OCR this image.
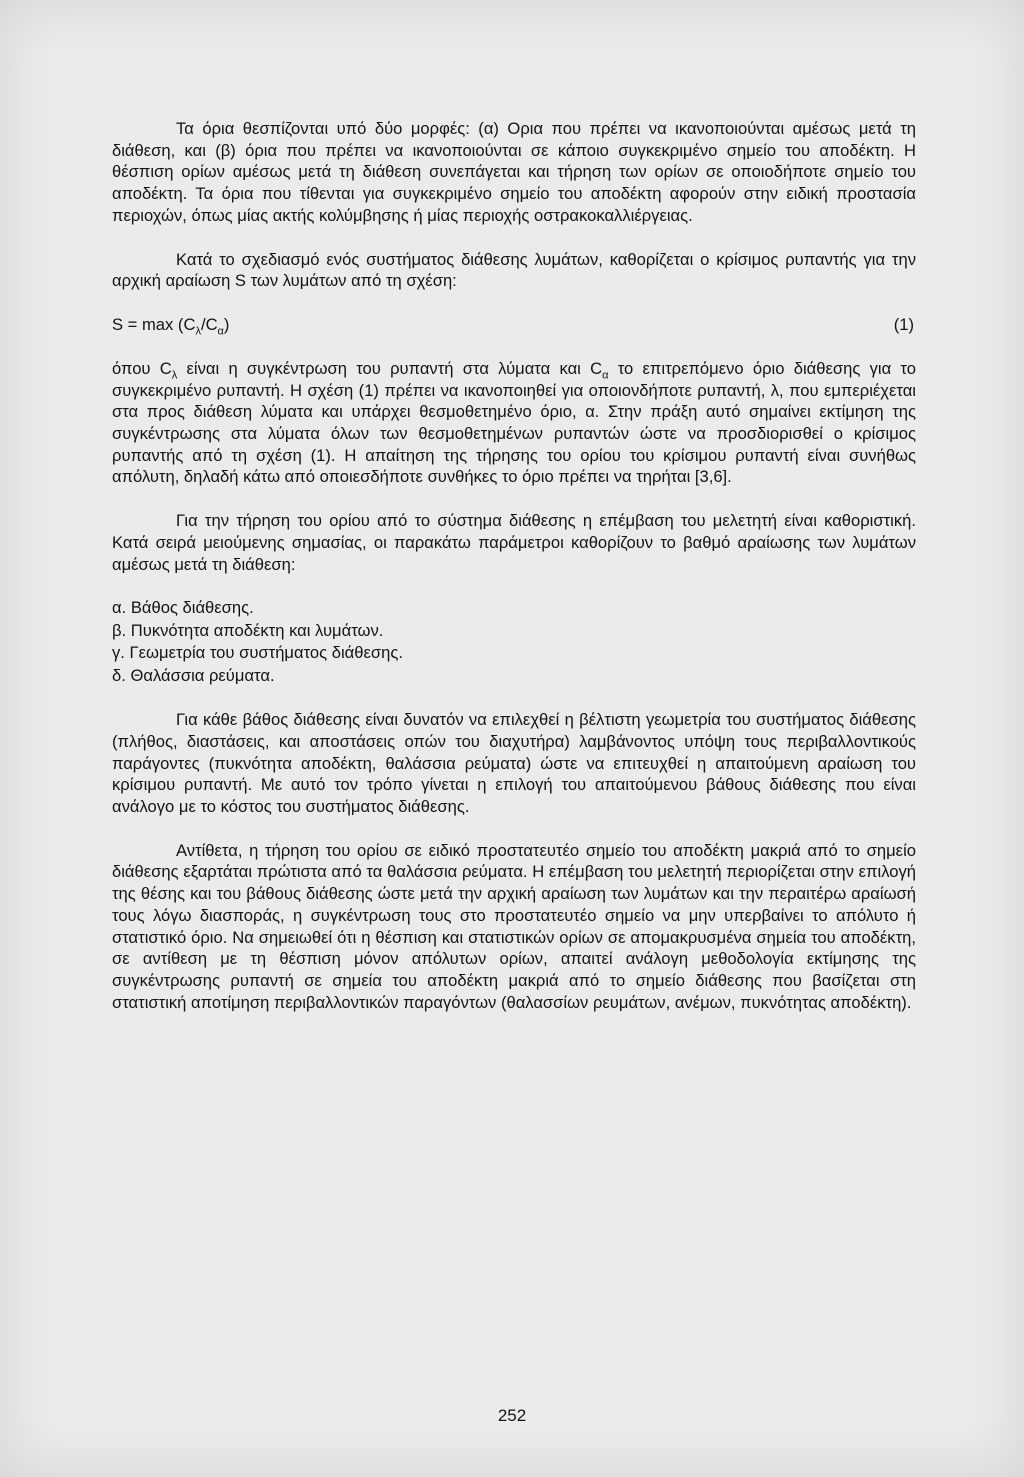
Τα όρια θεσπίζονται υπό δύο μορφές: (α) Ορια που πρέπει να ικανοποιούνται αμέσως μετά τη διάθεση, και (β) όρια που πρέπει να ικανοποιούνται σε κάποιο συγκεκριμένο σημείο του αποδέκτη. Η θέσπιση ορίων αμέσως μετά τη διάθεση συνεπάγεται και τήρηση των ορίων σε οποιοδήποτε σημείο του αποδέκτη. Τα όρια που τίθενται για συγκεκριμένο σημείο του αποδέκτη αφορούν στην ειδική προστασία περιοχών, όπως μίας ακτής κολύμβησης ή μίας περιοχής οστρακοκαλλιέργειας.

Κατά το σχεδιασμό ενός συστήματος διάθεσης λυμάτων, καθορίζεται ο κρίσιμος ρυπαντής για την αρχική αραίωση S των λυμάτων από τη σχέση:

$S = \max (C_\lambda/C_\alpha)$	(1)

όπου $C_\lambda$ είναι η συγκέντρωση του ρυπαντή στα λύματα και $C_\alpha$ το επιτρεπόμενο όριο διάθεσης για το συγκεκριμένο ρυπαντή. Η σχέση (1) πρέπει να ικανοποιηθεί για οποιονδήποτε ρυπαντή, λ, που εμπεριέχεται στα προς διάθεση λύματα και υπάρχει θεσμοθετημένο όριο, α. Στην πράξη αυτό σημαίνει εκτίμηση της συγκέντρωσης στα λύματα όλων των θεσμοθετημένων ρυπαντών ώστε να προσδιορισθεί ο κρίσιμος ρυπαντής από τη σχέση (1). Η απαίτηση της τήρησης του ορίου του κρίσιμου ρυπαντή είναι συνήθως απόλυτη, δηλαδή κάτω από οποιεσδήποτε συνθήκες το όριο πρέπει να τηρήται [3,6].

Για την τήρηση του ορίου από το σύστημα διάθεσης η επέμβαση του μελετητή είναι καθοριστική. Κατά σειρά μειούμενης σημασίας, οι παρακάτω παράμετροι καθορίζουν το βαθμό αραίωσης των λυμάτων αμέσως μετά τη διάθεση:

α. Βάθος διάθεσης.
β. Πυκνότητα αποδέκτη και λυμάτων.
γ. Γεωμετρία του συστήματος διάθεσης.
δ. Θαλάσσια ρεύματα.

Για κάθε βάθος διάθεσης είναι δυνατόν να επιλεχθεί η βέλτιστη γεωμετρία του συστήματος διάθεσης (πλήθος, διαστάσεις, και αποστάσεις οπών του διαχυτήρα) λαμβάνοντος υπόψη τους περιβαλλοντικούς παράγοντες (πυκνότητα αποδέκτη, θαλάσσια ρεύματα) ώστε να επιτευχθεί η απαιτούμενη αραίωση του κρίσιμου ρυπαντή. Με αυτό τον τρόπο γίνεται η επιλογή του απαιτούμενου βάθους διάθεσης που είναι ανάλογο με το κόστος του συστήματος διάθεσης.

Αντίθετα, η τήρηση του ορίου σε ειδικό προστατευτέο σημείο του αποδέκτη μακριά από το σημείο διάθεσης εξαρτάται πρώτιστα από τα θαλάσσια ρεύματα. Η επέμβαση του μελετητή περιορίζεται στην επιλογή της θέσης και του βάθους διάθεσης ώστε μετά την αρχική αραίωση των λυμάτων και την περαιτέρω αραίωσή τους λόγω διασποράς, η συγκέντρωση τους στο προστατευτέο σημείο να μην υπερβαίνει το απόλυτο ή στατιστικό όριο. Να σημειωθεί ότι η θέσπιση και στατιστικών ορίων σε απομακρυσμένα σημεία του αποδέκτη, σε αντίθεση με τη θέσπιση μόνον απόλυτων ορίων, απαιτεί ανάλογη μεθοδολογία εκτίμησης της συγκέντρωσης ρυπαντή σε σημεία του αποδέκτη μακριά από το σημείο διάθεσης που βασίζεται στη στατιστική αποτίμηση περιβαλλοντικών παραγόντων (θαλασσίων ρευμάτων, ανέμων, πυκνότητας αποδέκτη).

252
